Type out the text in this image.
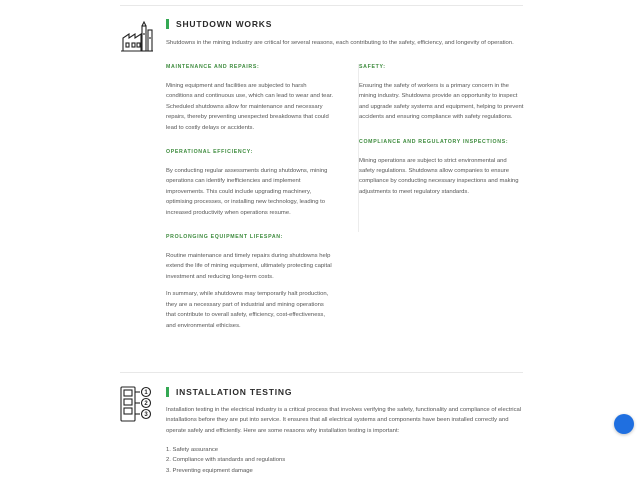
SHUTDOWN WORKS
Shutdowns in the mining industry are critical for several reasons, each contributing to the safety, efficiency, and longevity of operation.

MAINTENANCE AND REPAIRS:

Mining equipment and facilities are subjected to harsh conditions and continuous use, which can lead to wear and tear. Scheduled shutdowns allow for maintenance and necessary repairs, thereby preventing unexpected breakdowns that could lead to costly delays or accidents.

OPERATIONAL EFFICIENCY:

By conducting regular assessments during shutdowns, mining operations can identify inefficiencies and implement improvements. This could include upgrading machinery, optimising processes, or installing new technology, leading to increased productivity when operations resume.

PROLONGING EQUIPMENT LIFESPAN:

Routine maintenance and timely repairs during shutdowns help extend the life of mining equipment, ultimately protecting capital investment and reducing long-term costs.

In summary, while shutdowns may temporarily halt production, they are a necessary part of industrial and mining operations that contribute to overall safety, efficiency, cost-effectiveness, and environmental ethicises.

SAFETY:

Ensuring the safety of workers is a primary concern in the mining industry. Shutdowns provide an opportunity to inspect and upgrade safety systems and equipment, helping to prevent accidents and ensuring compliance with safety regulations.

COMPLIANCE AND REGULATORY INSPECTIONS:

Mining operations are subject to strict environmental and safety regulations. Shutdowns allow companies to ensure compliance by conducting necessary inspections and making adjustments to meet regulatory standards.

1
2
3
INSTALLATION TESTING
Installation testing in the electrical industry is a critical process that involves verifying the safety, functionality and compliance of electrical installations before they are put into service. It ensures that all electrical systems and components have been installed correctly and operate safely and efficiently. Here are some reasons why installation testing is important:
1. Safety assurance
2. Compliance with standards and regulations
3. Preventing equipment damage
